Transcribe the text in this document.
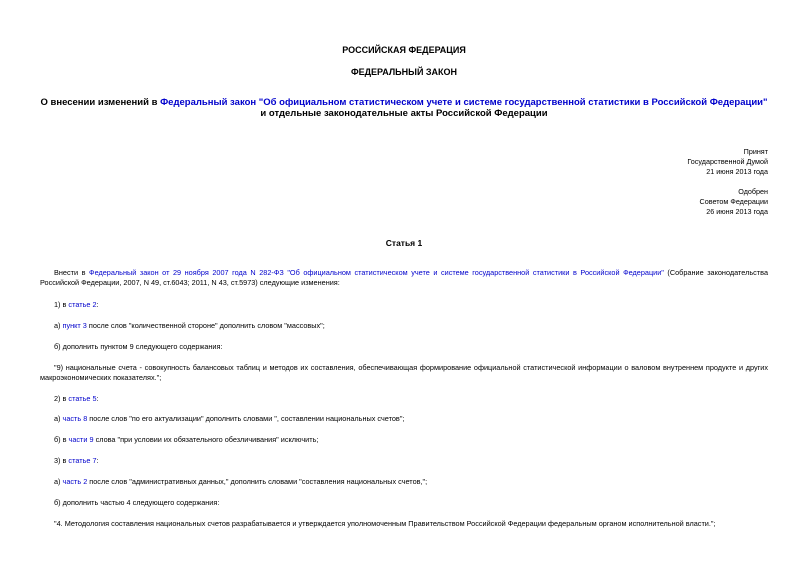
РОССИЙСКАЯ ФЕДЕРАЦИЯ
ФЕДЕРАЛЬНЫЙ ЗАКОН
О внесении изменений в Федеральный закон "Об официальном статистическом учете и системе государственной статистики в Российской Федерации" и отдельные законодательные акты Российской Федерации
Принят
Государственной Думой
21 июня 2013 года
Одобрен
Советом Федерации
26 июня 2013 года
Статья 1
Внести в Федеральный закон от 29 ноября 2007 года N 282-ФЗ "Об официальном статистическом учете и системе государственной статистики в Российской Федерации" (Собрание законодательства Российской Федерации, 2007, N 49, ст.6043; 2011, N 43, ст.5973) следующие изменения:
1) в статье 2:
а) пункт 3 после слов "количественной стороне" дополнить словом "массовых";
б) дополнить пунктом 9 следующего содержания:
"9) национальные счета - совокупность балансовых таблиц и методов их составления, обеспечивающая формирование официальной статистической информации о валовом внутреннем продукте и других макроэкономических показателях.";
2) в статье 5:
а) часть 8 после слов "по его актуализации" дополнить словами ", составлении национальных счетов";
б) в части 9 слова "при условии их обязательного обезличивания" исключить;
3) в статье 7:
а) часть 2 после слов "административных данных," дополнить словами "составления национальных счетов,";
б) дополнить частью 4 следующего содержания:
"4. Методология составления национальных счетов разрабатывается и утверждается уполномоченным Правительством Российской Федерации федеральным органом исполнительной власти.";
